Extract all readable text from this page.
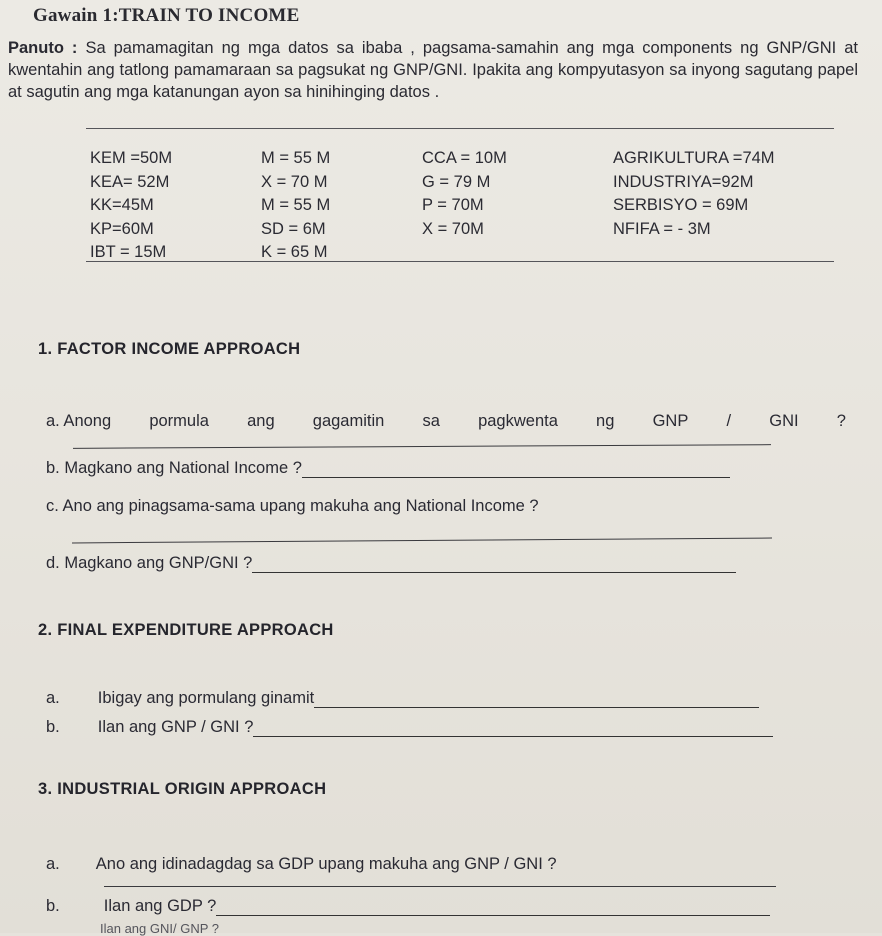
Gawain 1:TRAIN TO INCOME
Panuto : Sa pamamagitan ng mga datos sa ibaba , pagsama-samahin ang mga components ng GNP/GNI at kwentahin ang tatlong pamamaraan sa pagsukat ng GNP/GNI. Ipakita ang kompyutasyon sa inyong sagutang papel at sagutin ang mga katanungan ayon sa hinihinging datos .
KEM =50M
KEA= 52M
KK=45M
KP=60M
IBT = 15M
M = 55 M
X = 70 M
M = 55 M
SD = 6M
K = 65 M
CCA = 10M
G = 79 M
P = 70M
X = 70M
AGRIKULTURA =74M
INDUSTRIYA=92M
SERBISYO = 69M
NFIFA = - 3M
1. FACTOR INCOME APPROACH
a. Anong pormula ang gagamitin sa pagkwenta ng GNP / GNI ?
b. Magkano ang National Income ?
c. Ano ang pinagsama-sama upang makuha ang National Income ?
d. Magkano ang GNP/GNI ?
2. FINAL EXPENDITURE APPROACH
a. Ibigay ang pormulang ginamit
b. Ilan ang GNP / GNI ?
3. INDUSTRIAL ORIGIN APPROACH
a. Ano ang idinadagdag sa GDP upang makuha ang GNP / GNI ?
b.	Ilan ang GDP ?
Ilan ang GNI/ GNP ?
